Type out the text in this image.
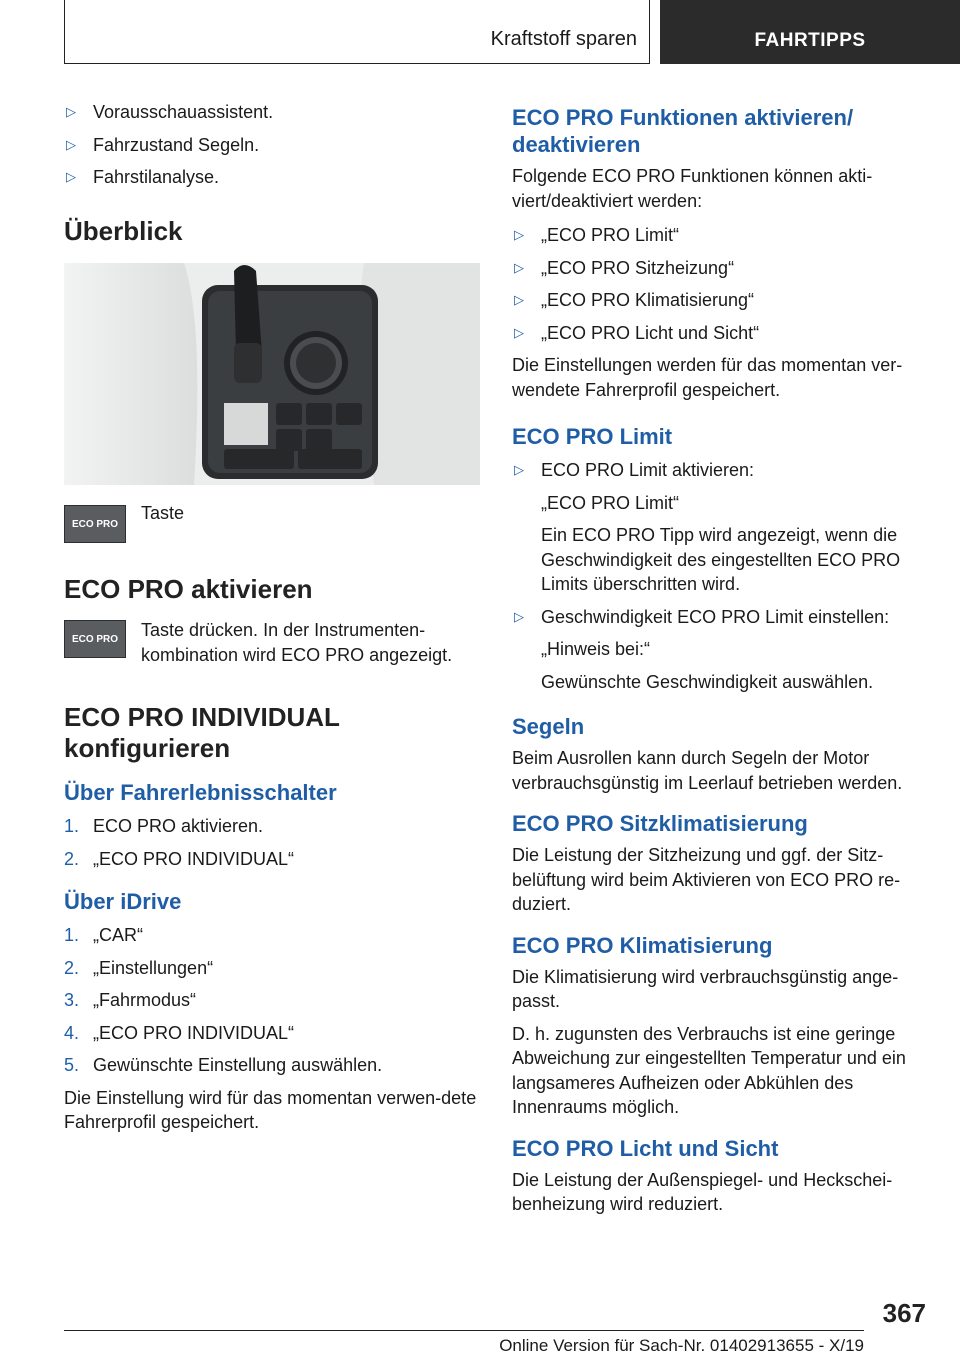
Kraftstoff sparen	FAHRTIPPS

▷ Vorausschauassistent.

▷ Fahrzustand Segeln.

▷ Fahrstilanalyse.

Überblick
ECO PRO
Taste
ECO PRO aktivieren
ECO PRO	Taste drücken. In der Instrumenten-kombination wird ECO PRO angezeigt.

ECO PRO INDIVIDUAL konfigurieren
Über Fahrerlebnisschalter

1. ECO PRO aktivieren.

2. „ECO PRO INDIVIDUAL“

Über iDrive

1. „CAR“

2. „Einstellungen“

3. „Fahrmodus“

4. „ECO PRO INDIVIDUAL“

5. Gewünschte Einstellung auswählen.

Die Einstellung wird für das momentan verwen-dete Fahrerprofil gespeichert.

ECO PRO Funktionen aktivieren/ deaktivieren

Folgende ECO PRO Funktionen können akti-viert/deaktiviert werden:

▷ „ECO PRO Limit“

▷ „ECO PRO Sitzheizung“

▷ „ECO PRO Klimatisierung“

▷ „ECO PRO Licht und Sicht“

Die Einstellungen werden für das momentan ver-wendete Fahrerprofil gespeichert.

ECO PRO Limit

▷ ECO PRO Limit aktivieren:

„ECO PRO Limit“

Ein ECO PRO Tipp wird angezeigt, wenn die Geschwindigkeit des eingestellten ECO PRO Limits überschritten wird.

▷ Geschwindigkeit ECO PRO Limit einstellen:

„Hinweis bei:“

Gewünschte Geschwindigkeit auswählen.

Segeln

Beim Ausrollen kann durch Segeln der Motor verbrauchsgünstig im Leerlauf betrieben werden.

ECO PRO Sitzklimatisierung

Die Leistung der Sitzheizung und ggf. der Sitz-belüftung wird beim Aktivieren von ECO PRO re-duziert.

ECO PRO Klimatisierung

Die Klimatisierung wird verbrauchsgünstig ange-passt.

D. h. zugunsten des Verbrauchs ist eine geringe Abweichung zur eingestellten Temperatur und ein langsameres Aufheizen oder Abkühlen des Innenraums möglich.

ECO PRO Licht und Sicht

Die Leistung der Außenspiegel- und Heckschei-benheizung wird reduziert.

367
Online Version für Sach-Nr. 01402913655 - X/19
